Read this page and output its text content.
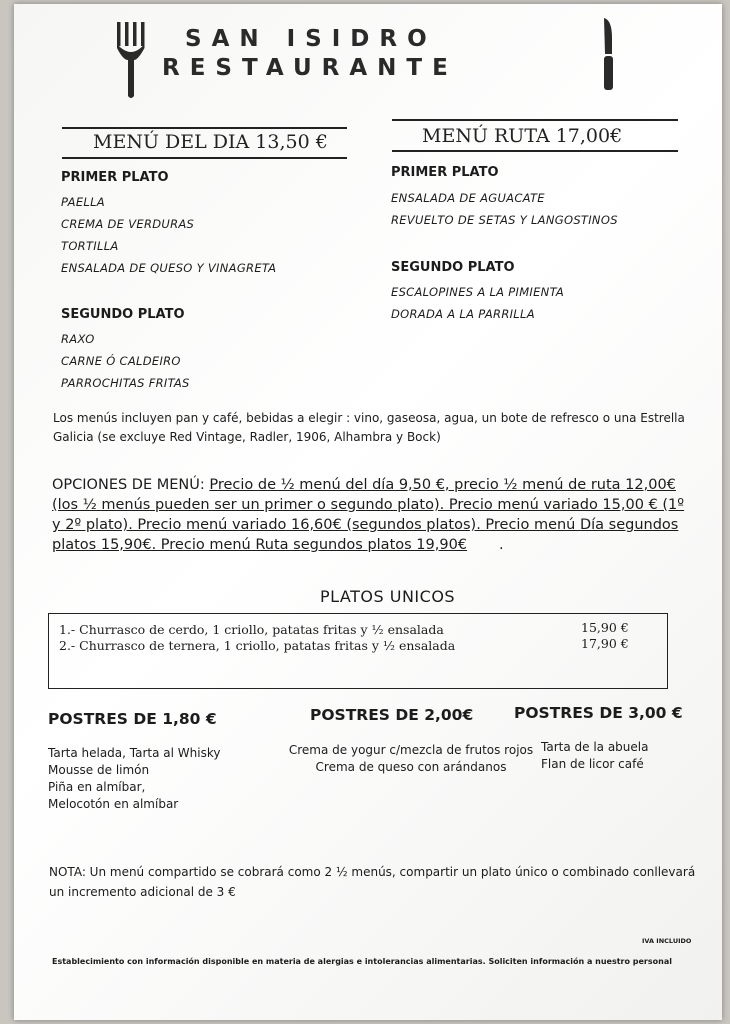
SAN ISIDRO
RESTAURANTE
MENÚ DEL DIA 13,50 €
PRIMER PLATO
PAELLA
CREMA DE VERDURAS
TORTILLA
ENSALADA DE QUESO Y VINAGRETA
SEGUNDO PLATO
RAXO
CARNE Ó CALDEIRO
PARROCHITAS FRITAS
MENÚ RUTA 17,00€
PRIMER PLATO
ENSALADA DE AGUACATE
REVUELTO DE SETAS Y LANGOSTINOS
SEGUNDO PLATO
ESCALOPINES A LA PIMIENTA
DORADA A LA PARRILLA
Los menús incluyen pan y café, bebidas a elegir : vino, gaseosa, agua, un bote de refresco o una Estrella
Galicia (se excluye Red Vintage, Radler, 1906, Alhambra y Bock)
OPCIONES DE MENÚ: Precio de ½ menú del día 9,50 €, precio ½ menú de ruta 12,00€ (los ½ menús pueden ser un primer o segundo plato). Precio menú variado 15,00 € (1º y 2º plato). Precio menú variado 16,60€ (segundos platos). Precio menú Día segundos platos 15,90€. Precio menú Ruta segundos platos 19,90€ .
PLATOS UNICOS
1.- Churrasco de cerdo, 1 criollo, patatas fritas y ½ ensalada	15,90 €
2.- Churrasco de ternera, 1 criollo, patatas fritas y ½ ensalada	17,90 €
POSTRES DE 1,80 €
Tarta helada, Tarta al Whisky
Mousse de limón
Piña en almíbar,
Melocotón en almíbar
POSTRES DE 2,00€
Crema de yogur c/mezcla de frutos rojos
Crema de queso con arándanos
POSTRES DE 3,00 €
Tarta de la abuela
Flan de licor café
NOTA: Un menú compartido se cobrará como 2 ½ menús, compartir un plato único o combinado conllevará un incremento adicional de 3 €
IVA INCLUIDO
Establecimiento con información disponible en materia de alergias e intolerancias alimentarias. Soliciten información a nuestro personal
